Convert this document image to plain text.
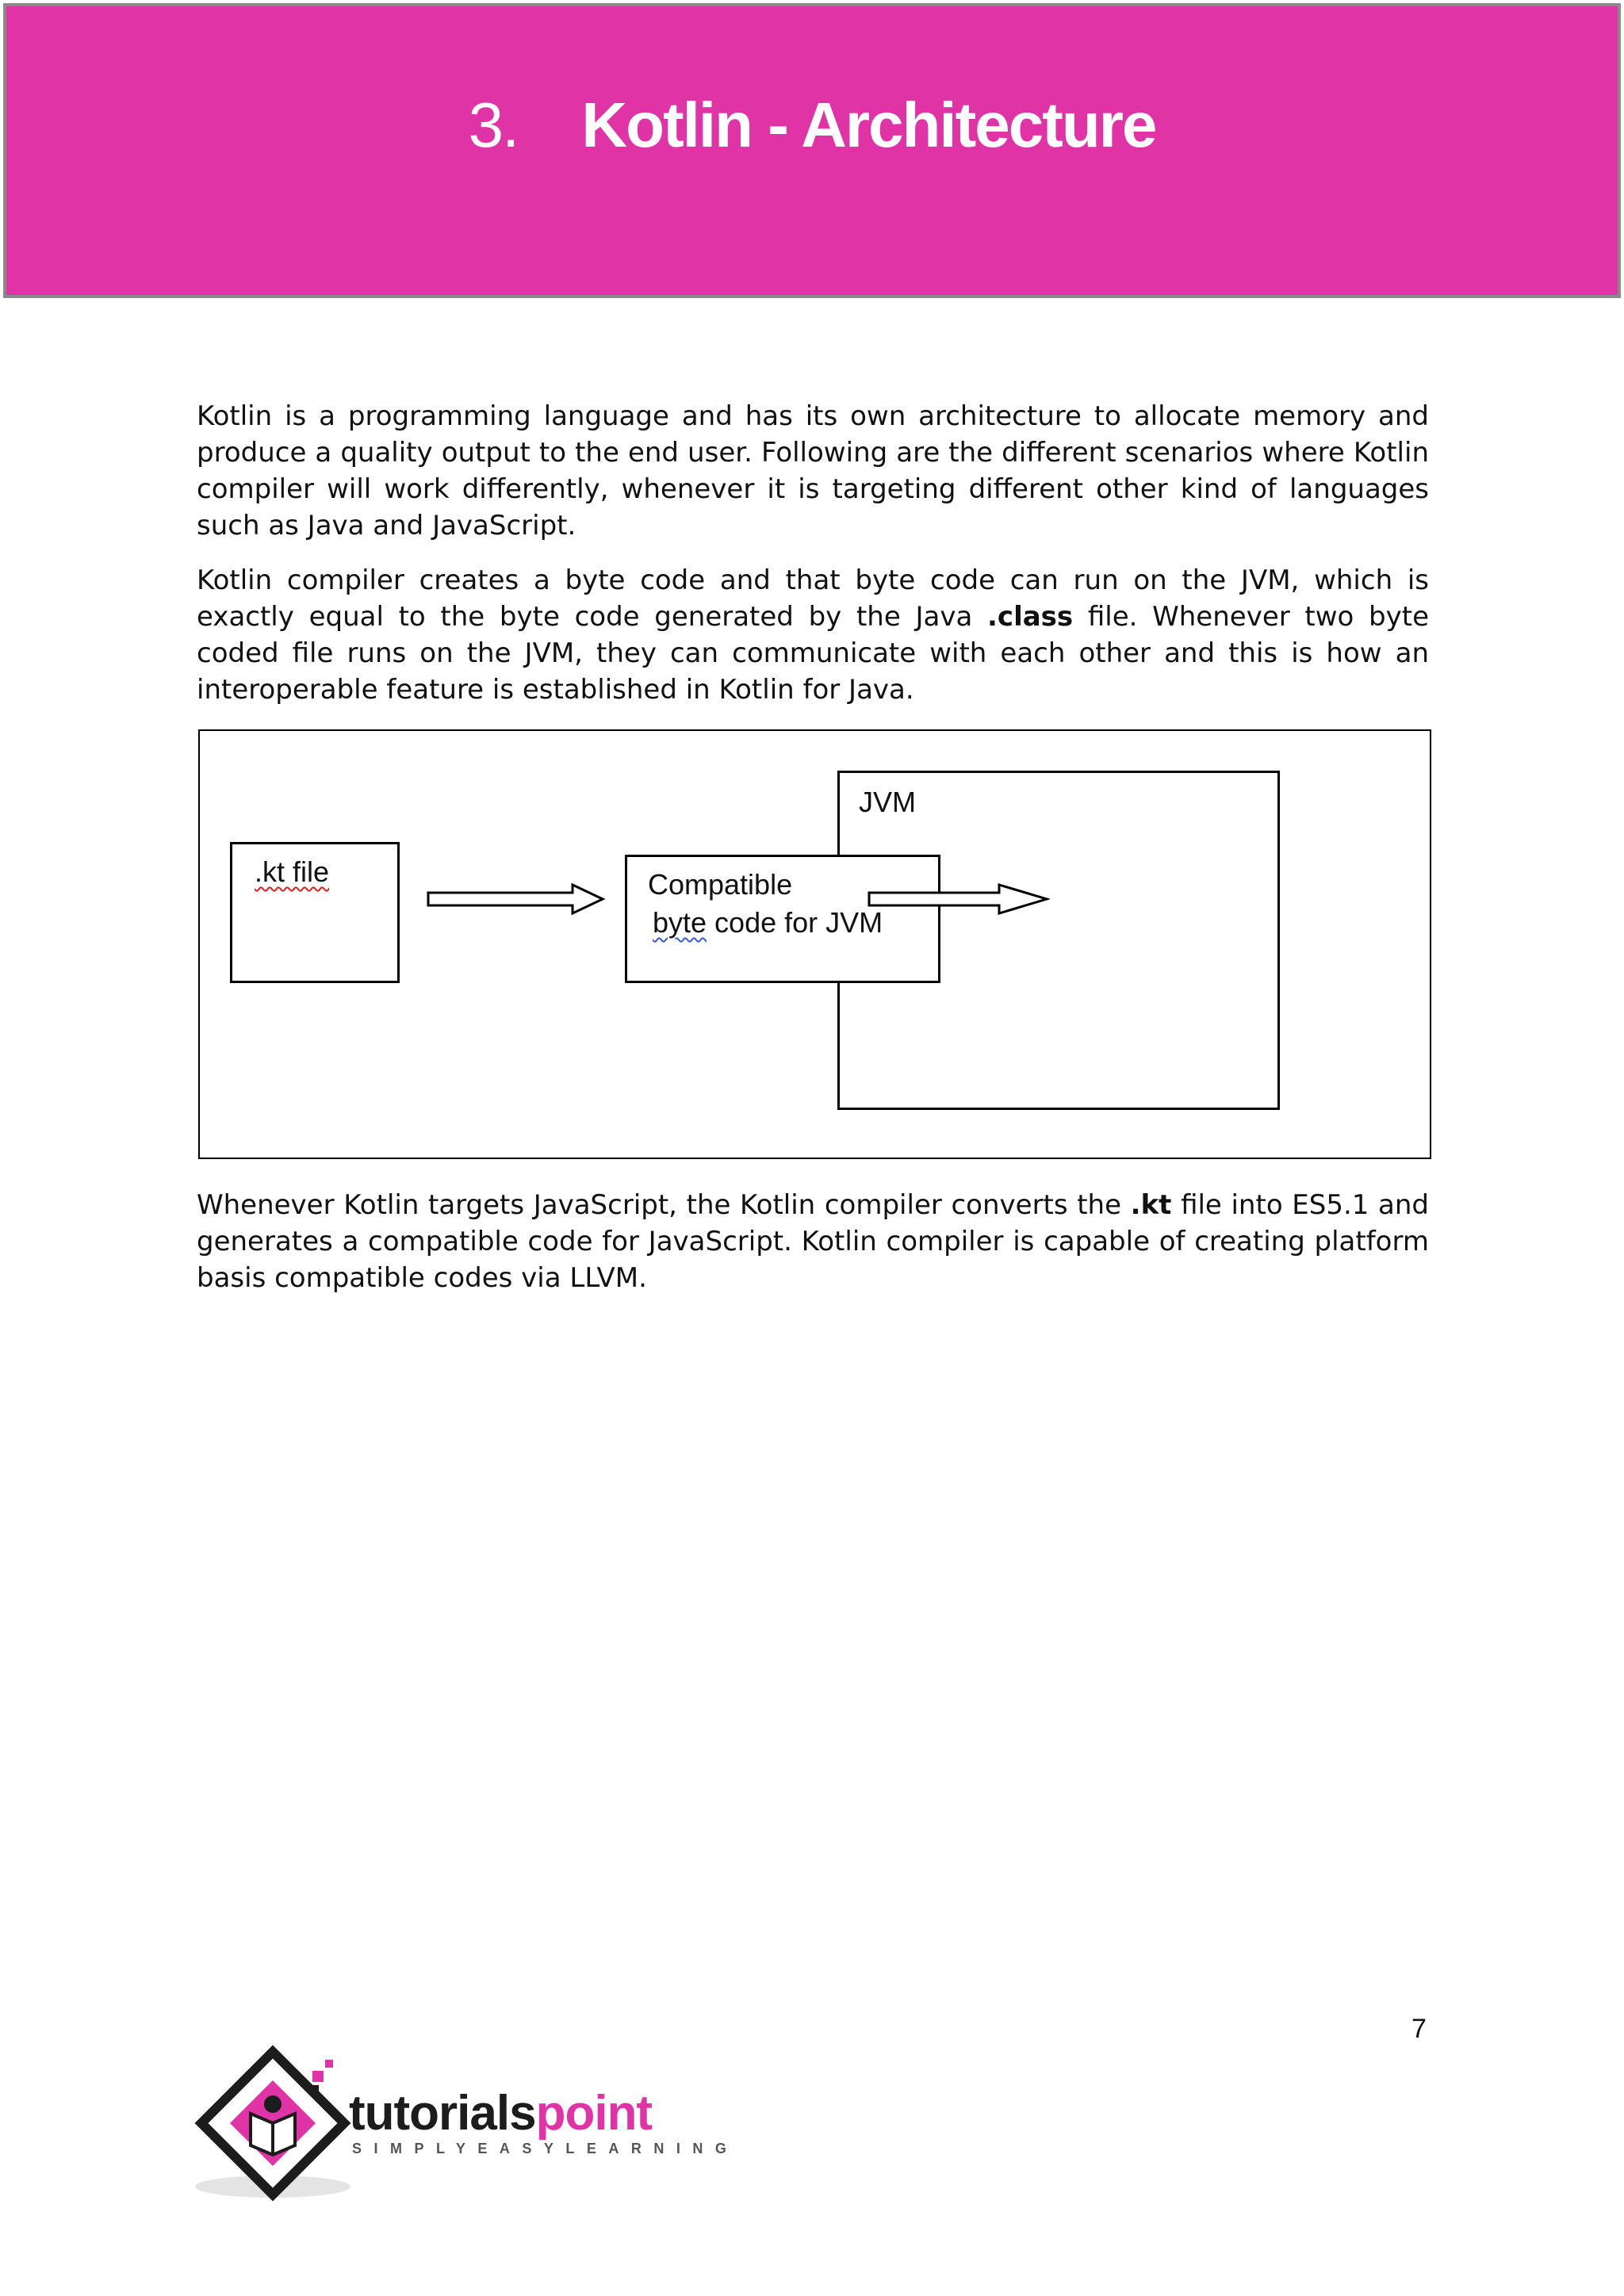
3. Kotlin - Architecture

Kotlin is a programming language and has its own architecture to allocate memory and produce a quality output to the end user. Following are the different scenarios where Kotlin compiler will work differently, whenever it is targeting different other kind of languages such as Java and JavaScript.

Kotlin compiler creates a byte code and that byte code can run on the JVM, which is exactly equal to the byte code generated by the Java .class file. Whenever two byte coded file runs on the JVM, they can communicate with each other and this is how an interoperable feature is established in Kotlin for Java.

JVM
.kt file	Compatible
byte code for JVM

Whenever Kotlin targets JavaScript, the Kotlin compiler converts the .kt file into ES5.1 and generates a compatible code for JavaScript. Kotlin compiler is capable of creating platform basis compatible codes via LLVM.

7
tutorialspoint
SIMPLYEASYLEARNING
